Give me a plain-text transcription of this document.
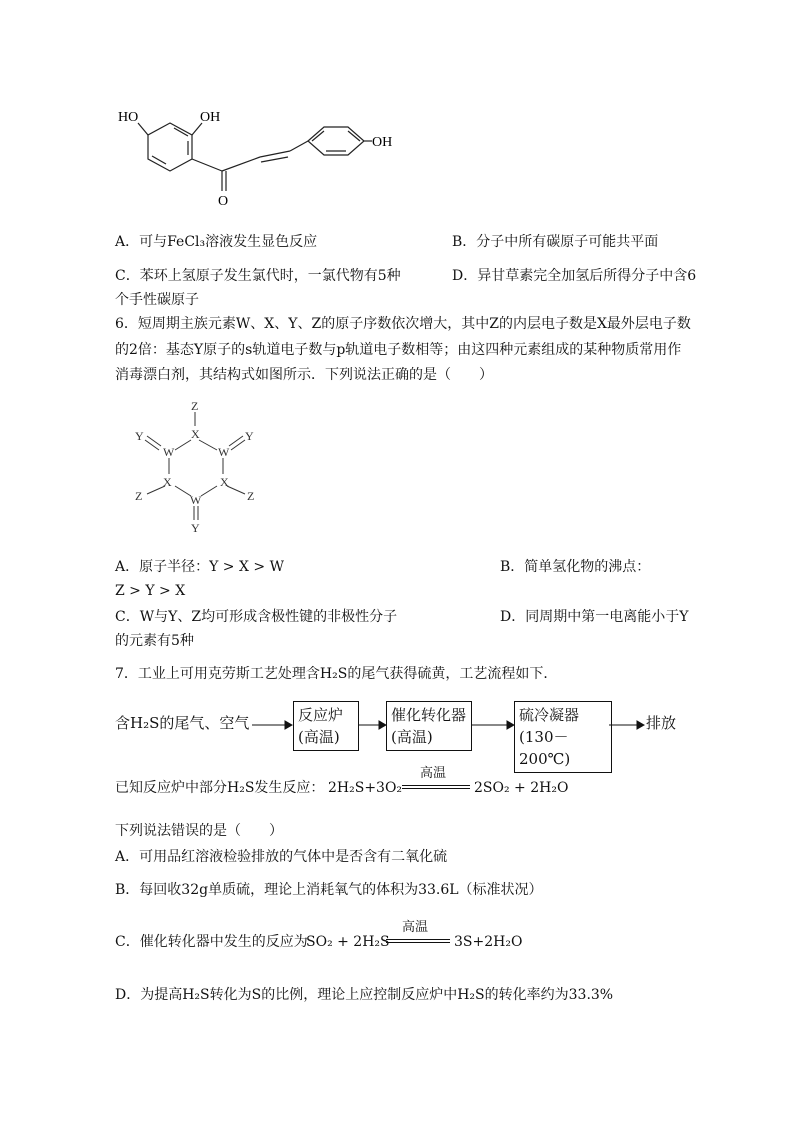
HO	OH
OH
O
A．可与FeCl₃溶液发生显色反应	B．分子中所有碳原子可能共平面
C．苯环上氢原子发生氯代时，一氯代物有5种	D．异甘草素完全加氢后所得分子中含6
个手性碳原子
6．短周期主族元素W、X、Y、Z的原子序数依次增大，其中Z的内层电子数是X最外层电子数
的2倍：基态Y原子的s轨道电子数与p轨道电子数相等；由这四种元素组成的某种物质常用作
消毒漂白剂，其结构式如图所示．下列说法正确的是（　　）
Z
X
Y
W	W
Y
Z
X	X
Z
W
Y
A．原子半径：Y > X > W	B．简单氢化物的沸点：
Z > Y > X
C．W与Y、Z均可形成含极性键的非极性分子	D．同周期中第一电离能小于Y
的元素有5种
7．工业上可用克劳斯工艺处理含H₂S的尾气获得硫黄，工艺流程如下．
含H₂S的尾气、空气	反应炉
(高温)
催化转化器
(高温)
硫冷凝器
(130－200℃)
排放
已知反应炉中部分H₂S发生反应： 2H₂S+3O₂
高温
2SO₂ + 2H₂O
下列说法错误的是（　　）
A．可用品红溶液检验排放的气体中是否含有二氧化硫
B．每回收32g单质硫，理论上消耗氧气的体积为33.6L（标准状况）
C．催化转化器中发生的反应为
SO₂ + 2H₂S
高温
3S+2H₂O
D．为提高H₂S转化为S的比例，理论上应控制反应炉中H₂S的转化率约为33.3%
